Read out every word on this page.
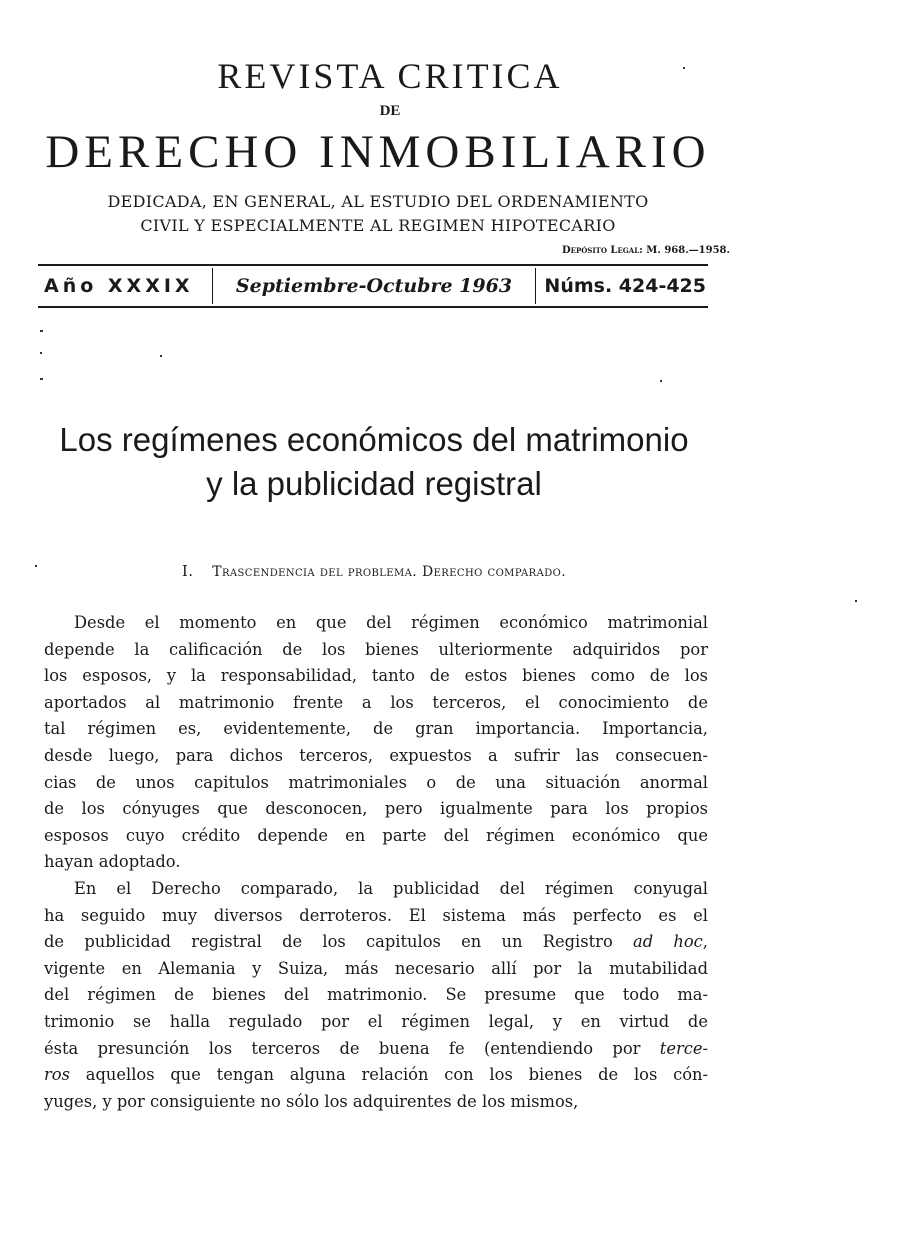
REVISTA CRITICA
DE
DERECHO INMOBILIARIO
DEDICADA, EN GENERAL, AL ESTUDIO DEL ORDENAMIENTO
CIVIL Y ESPECIALMENTE AL REGIMEN HIPOTECARIO
Depósito Legal: M. 968.—1958.
Año XXXIX	Septiembre-Octubre 1963	Núms. 424-425
Los regímenes económicos del matrimonio
y la publicidad registral
I. Trascendencia del problema. Derecho comparado.
Desde el momento en que del régimen económico matrimonial
depende la calificación de los bienes ulteriormente adquiridos por
los esposos, y la responsabilidad, tanto de estos bienes como de los
aportados al matrimonio frente a los terceros, el conocimiento de
tal régimen es, evidentemente, de gran importancia. Importancia,
desde luego, para dichos terceros, expuestos a sufrir las consecuen-
cias de unos capitulos matrimoniales o de una situación anormal
de los cónyuges que desconocen, pero igualmente para los propios
esposos cuyo crédito depende en parte del régimen económico que
hayan adoptado.
En el Derecho comparado, la publicidad del régimen conyugal
ha seguido muy diversos derroteros. El sistema más perfecto es el
de publicidad registral de los capitulos en un Registro ad hoc,
vigente en Alemania y Suiza, más necesario allí por la mutabilidad
del régimen de bienes del matrimonio. Se presume que todo ma-
trimonio se halla regulado por el régimen legal, y en virtud de
ésta presunción los terceros de buena fe (entendiendo por terce-
ros aquellos que tengan alguna relación con los bienes de los cón-
yuges, y por consiguiente no sólo los adquirentes de los mismos,
